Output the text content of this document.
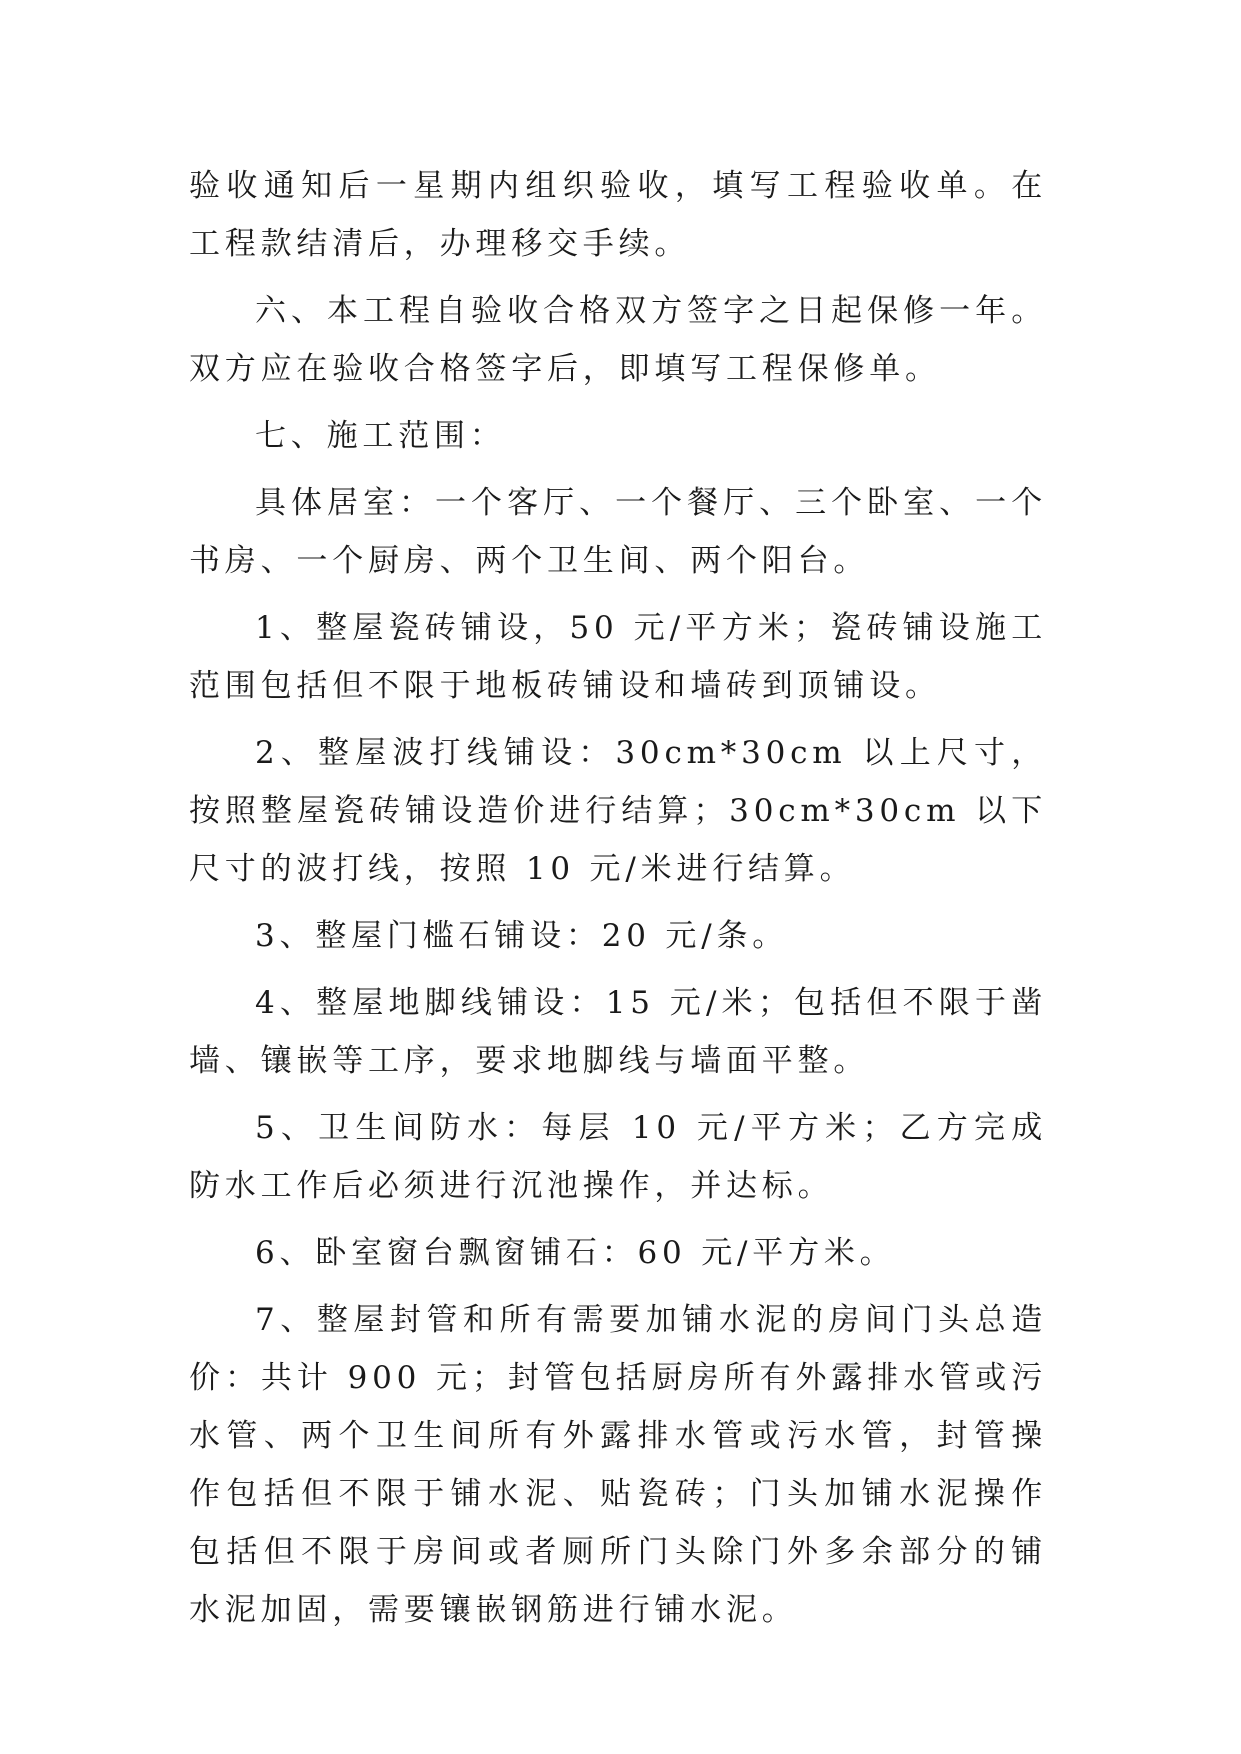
验收通知后一星期内组织验收，填写工程验收单。在工程款结清后，办理移交手续。

六、本工程自验收合格双方签字之日起保修一年。双方应在验收合格签字后，即填写工程保修单。

七、施工范围：

具体居室：一个客厅、一个餐厅、三个卧室、一个书房、一个厨房、两个卫生间、两个阳台。

1、整屋瓷砖铺设，50 元/平方米；瓷砖铺设施工范围包括但不限于地板砖铺设和墙砖到顶铺设。

2、整屋波打线铺设：30cm*30cm 以上尺寸，按照整屋瓷砖铺设造价进行结算；30cm*30cm 以下尺寸的波打线，按照 10 元/米进行结算。

3、整屋门槛石铺设：20 元/条。

4、整屋地脚线铺设：15 元/米；包括但不限于凿墙、镶嵌等工序，要求地脚线与墙面平整。

5、卫生间防水：每层 10 元/平方米；乙方完成防水工作后必须进行沉池操作，并达标。

6、卧室窗台飘窗铺石：60 元/平方米。

7、整屋封管和所有需要加铺水泥的房间门头总造价：共计 900 元；封管包括厨房所有外露排水管或污水管、两个卫生间所有外露排水管或污水管，封管操作包括但不限于铺水泥、贴瓷砖；门头加铺水泥操作包括但不限于房间或者厕所门头除门外多余部分的铺水泥加固，需要镶嵌钢筋进行铺水泥。
